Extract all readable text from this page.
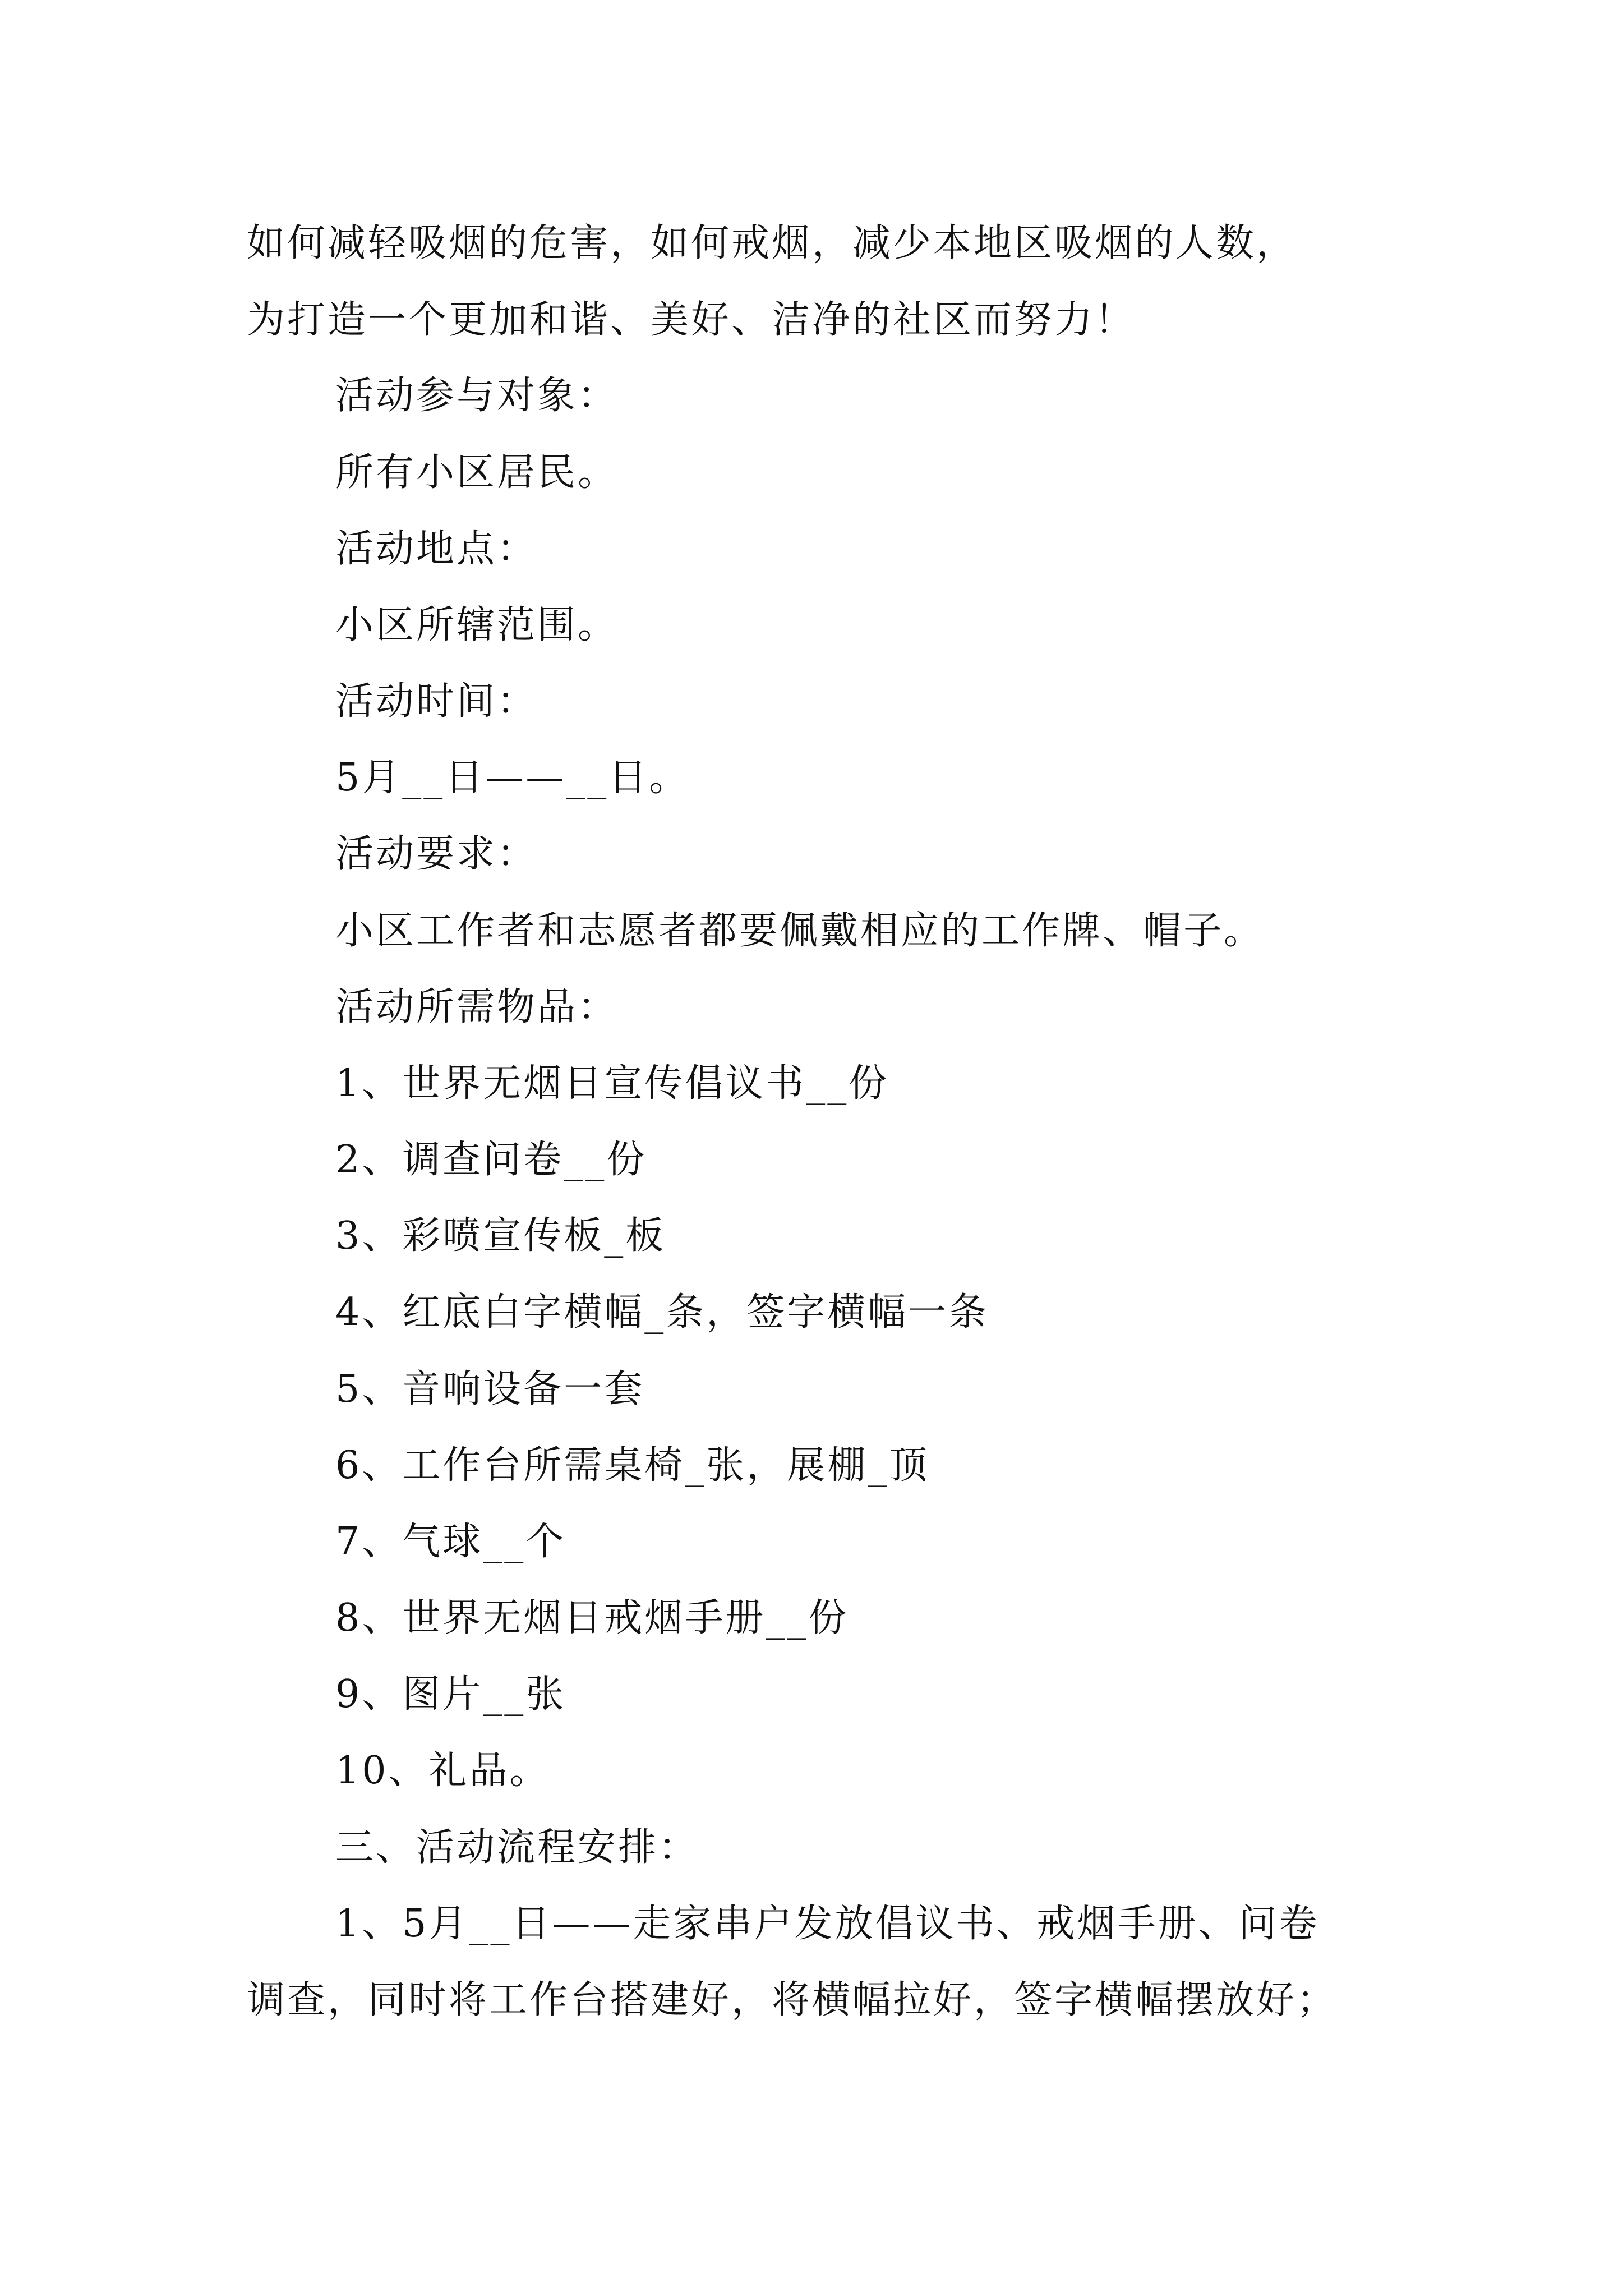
如何减轻吸烟的危害，如何戒烟，减少本地区吸烟的人数，
为打造一个更加和谐、美好、洁净的社区而努力！
活动参与对象：
所有小区居民。
活动地点：
小区所辖范围。
活动时间：
5月__日——__日。
活动要求：
小区工作者和志愿者都要佩戴相应的工作牌、帽子。
活动所需物品：
1、世界无烟日宣传倡议书__份
2、调查问卷__份
3、彩喷宣传板_板
4、红底白字横幅_条，签字横幅一条
5、音响设备一套
6、工作台所需桌椅_张，展棚_顶
7、气球__个
8、世界无烟日戒烟手册__份
9、图片__张
10、礼品。
三、活动流程安排：
1、5月__日——走家串户发放倡议书、戒烟手册、问卷
调查，同时将工作台搭建好，将横幅拉好，签字横幅摆放好；
